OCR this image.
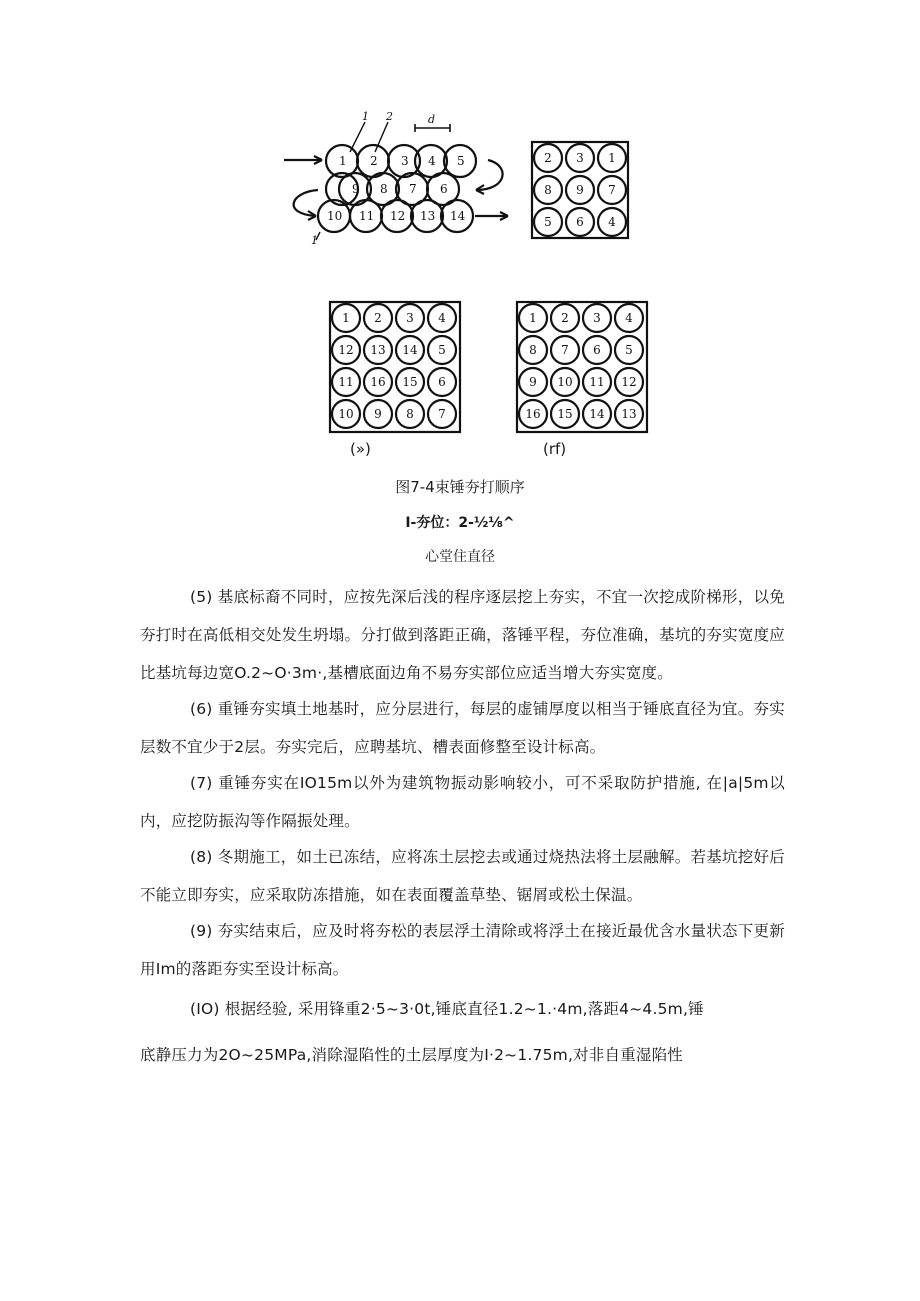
1 2 3 4 5
9 8 7 6
10 11 12 13 14
1 2	d
1
2 3 1
8 9 7
5 6 4
1 2 3 4
12 13 14 5
11 16 15 6
10 9 8 7
1 2 3 4
8 7 6 5
9 10 11 12
16 15 14 13
(»)	(rf)
图7-4束锤夯打顺序
I-夯位：2-½⅛^
心堂住直径
(5) 基底标裔不同时，应按先深后浅的程序逐层挖上夯实，不宜一次挖成阶梯形，以免夯打时在高低相交处发生坍塌。分打做到落距正确，落锤平程，夯位准确，基坑的夯实宽度应比基坑每边宽O.2~O·3m·,基槽底面边角不易夯实部位应适当增大夯实宽度。
(6) 重锤夯实填土地基时，应分层进行，每层的虚铺厚度以相当于锤底直径为宜。夯实层数不宜少于2层。夯实完后，应聘基坑、槽表面修整至设计标高。
(7) 重锤夯实在IO15m以外为建筑物振动影响较小，可不采取防护措施, 在|a|5m以内，应挖防振沟等作隔振处理。
(8) 冬期施工，如土已冻结，应将冻土层挖去或通过烧热法将土层融解。若基坑挖好后不能立即夯实，应采取防冻措施，如在表面覆盖草垫、锯屑或松土保温。
(9) 夯实结束后，应及时将夯松的表层浮土清除或将浮土在接近最优含水量状态下更新用Im的落距夯实至设计标高。
(IO) 根据经验, 采用锋重2·5~3·0t,锤底直径1.2~1.·4m,落距4~4.5m,锤
底静压力为2O~25MPa,消除湿陷性的土层厚度为I·2~1.75m,对非自重湿陷性
